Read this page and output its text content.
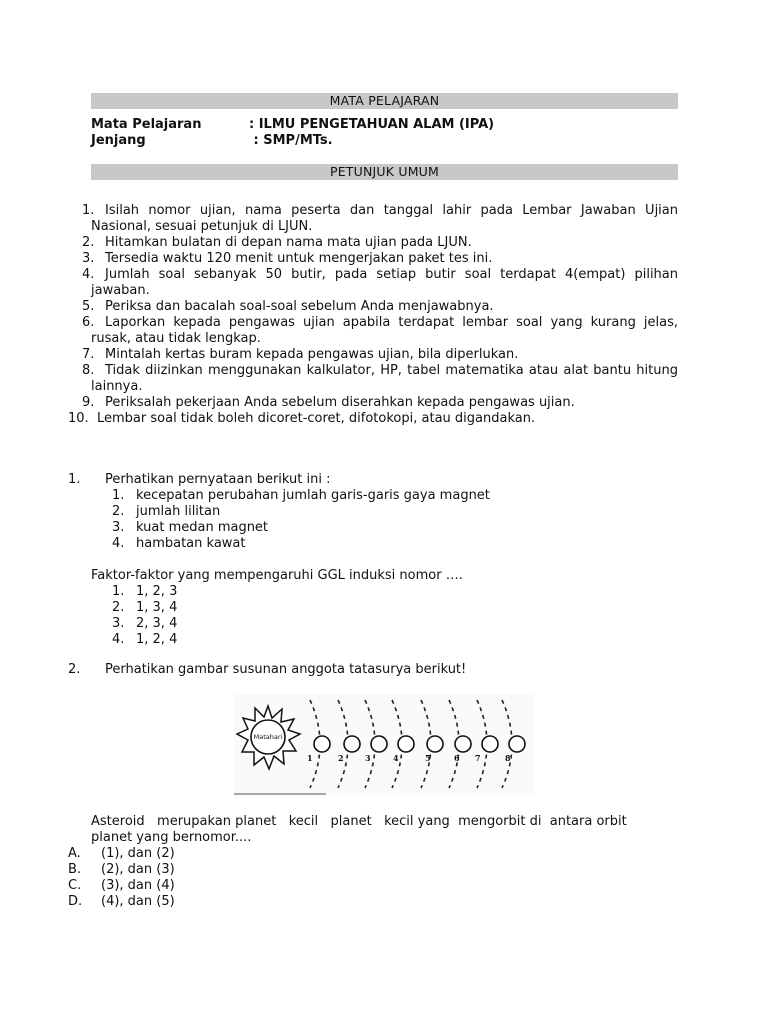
MATA PELAJARAN
Mata Pelajaran	: ILMU PENGETAHUAN ALAM (IPA)
Jenjang	: SMP/MTs.
PETUNJUK UMUM
1. Isilah nomor ujian, nama peserta dan tanggal lahir pada Lembar Jawaban Ujian Nasional, sesuai petunjuk di LJUN.
2. Hitamkan bulatan di depan nama mata ujian pada LJUN.
3. Tersedia waktu 120 menit untuk mengerjakan paket tes ini.
4. Jumlah soal sebanyak 50 butir, pada setiap butir soal terdapat 4(empat) pilihan jawaban.
5. Periksa dan bacalah soal-soal sebelum Anda menjawabnya.
6. Laporkan kepada pengawas ujian apabila terdapat lembar soal yang kurang jelas, rusak, atau tidak lengkap.
7. Mintalah kertas buram kepada pengawas ujian, bila diperlukan.
8. Tidak diizinkan menggunakan kalkulator, HP, tabel matematika atau alat bantu hitung lainnya.
9. Periksalah pekerjaan Anda sebelum diserahkan kepada pengawas ujian.
10. Lembar soal tidak boleh dicoret-coret, difotokopi, atau digandakan.
1. Perhatikan pernyataan berikut ini :
1. kecepatan perubahan jumlah garis-garis gaya magnet
2. jumlah lilitan
3. kuat medan magnet
4. hambatan kawat
Faktor-faktor yang mempengaruhi GGL induksi nomor ….
1. 1, 2, 3
2. 1, 3, 4
3. 2, 3, 4
4. 1, 2, 4
2. Perhatikan gambar susunan anggota tatasurya berikut!
Matahari
1	2	3	4	5	6 7	8
Asteroid   merupakan planet   kecil   planet   kecil yang  mengorbit di  antara orbit
planet yang bernomor....
A. (1), dan (2)
B. (2), dan (3)
C. (3), dan (4)
D. (4), dan (5)
